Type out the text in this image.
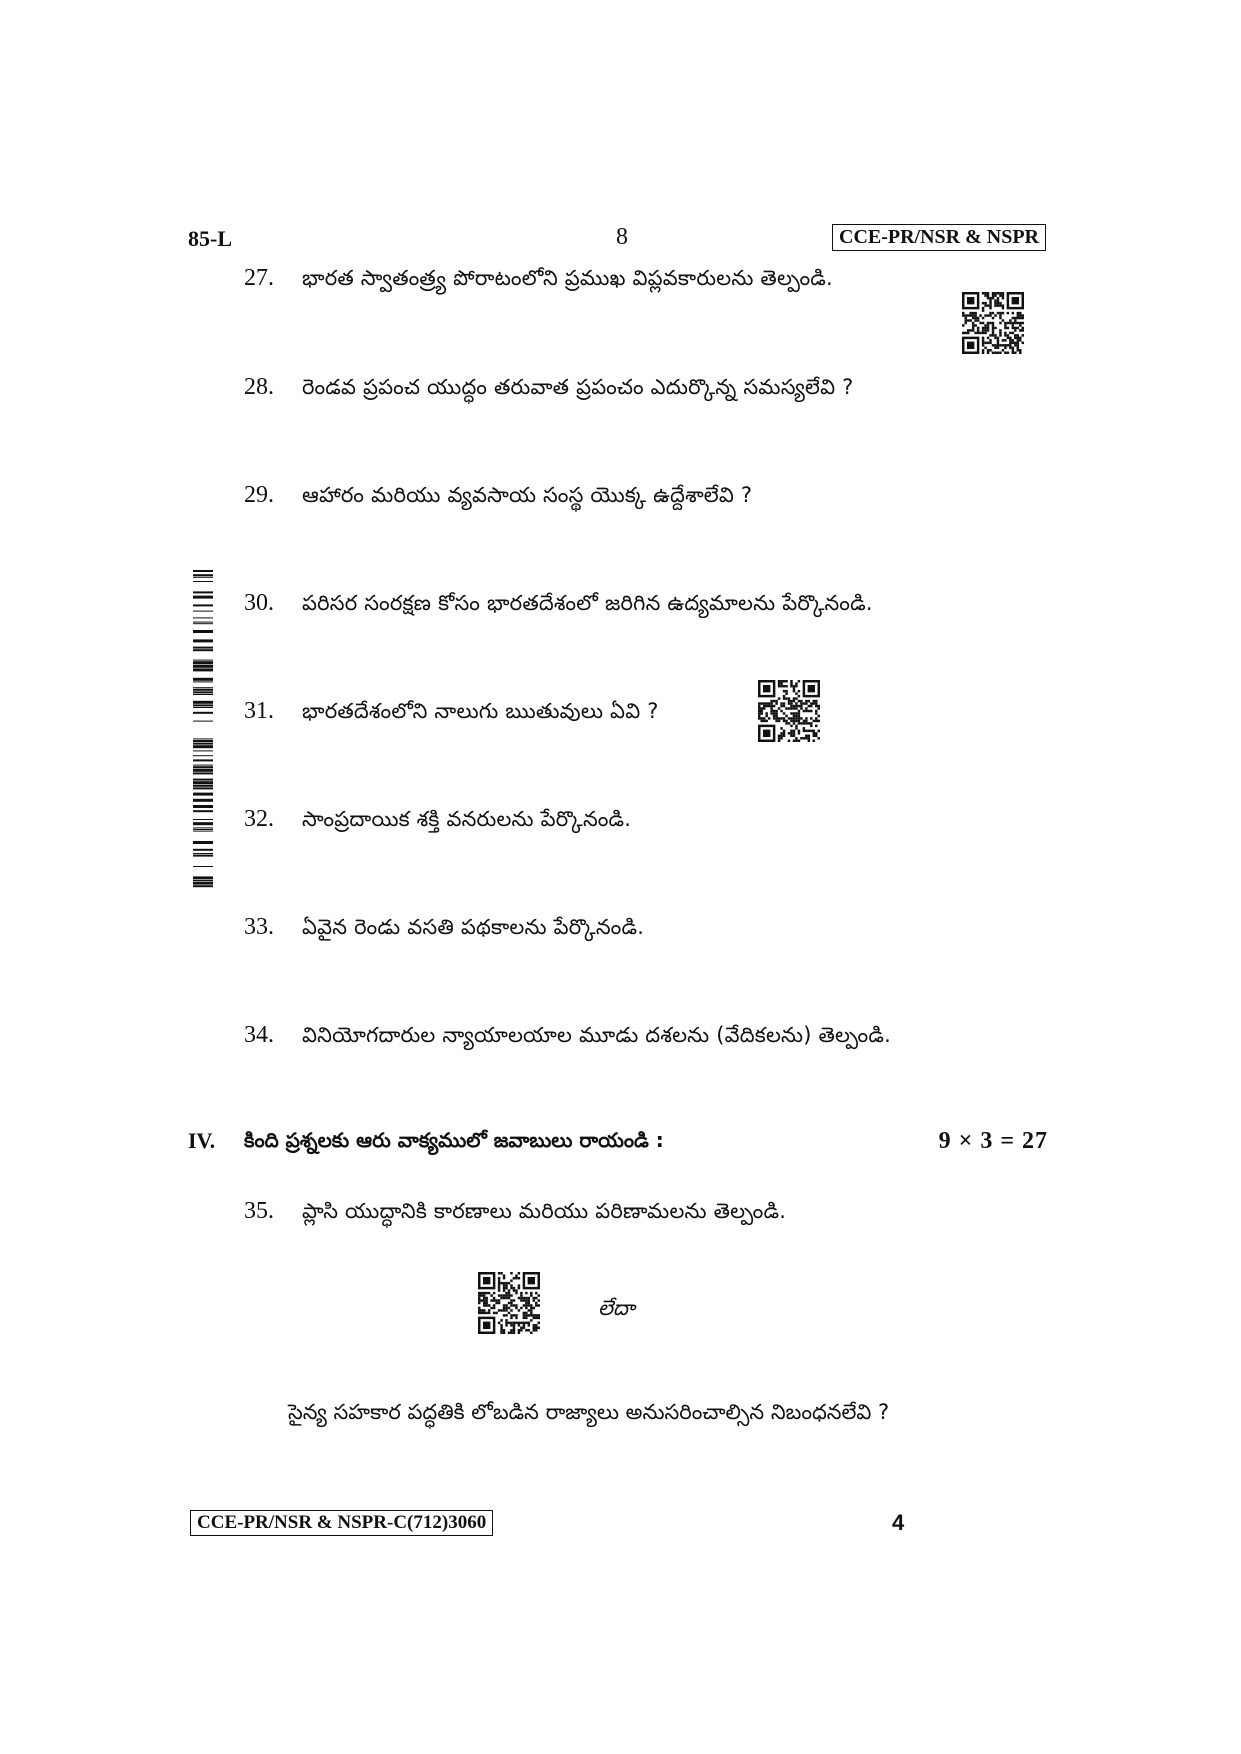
85-L	8	CCE-PR/NSR & NSPR
27.	భారత స్వాతంత్ర్య పోరాటంలోని ప్రముఖ విప్లవకారులను తెల్పండి.
28.	రెండవ ప్రపంచ యుద్ధం తరువాత ప్రపంచం ఎదుర్కొన్న సమస్యలేవి ?
29.	ఆహారం మరియు వ్యవసాయ సంస్థ యొక్క ఉద్దేశాలేవి ?
30.	పరిసర సంరక్షణ కోసం భారతదేశంలో జరిగిన ఉద్యమాలను పేర్కొనండి.
31.	భారతదేశంలోని నాలుగు ఋతువులు ఏవి ?
32.	సాంప్రదాయిక శక్తి వనరులను పేర్కొనండి.
33.	ఏవైన రెండు వసతి పథకాలను పేర్కొనండి.
34.	వినియోగదారుల న్యాయాలయాల మూడు దశలను (వేదికలను) తెల్పండి.
IV.	కింది ప్రశ్నలకు ఆరు వాక్యములో జవాబులు రాయండి :	9 × 3 = 27
35.	ప్లాసి యుద్ధానికి కారణాలు మరియు పరిణామలను తెల్పండి.
లేదా
సైన్య సహకార పద్ధతికి లోబడిన రాజ్యాలు అనుసరించాల్సిన నిబంధనలేవి ?
CCE-PR/NSR & NSPR-C(712)3060	4
